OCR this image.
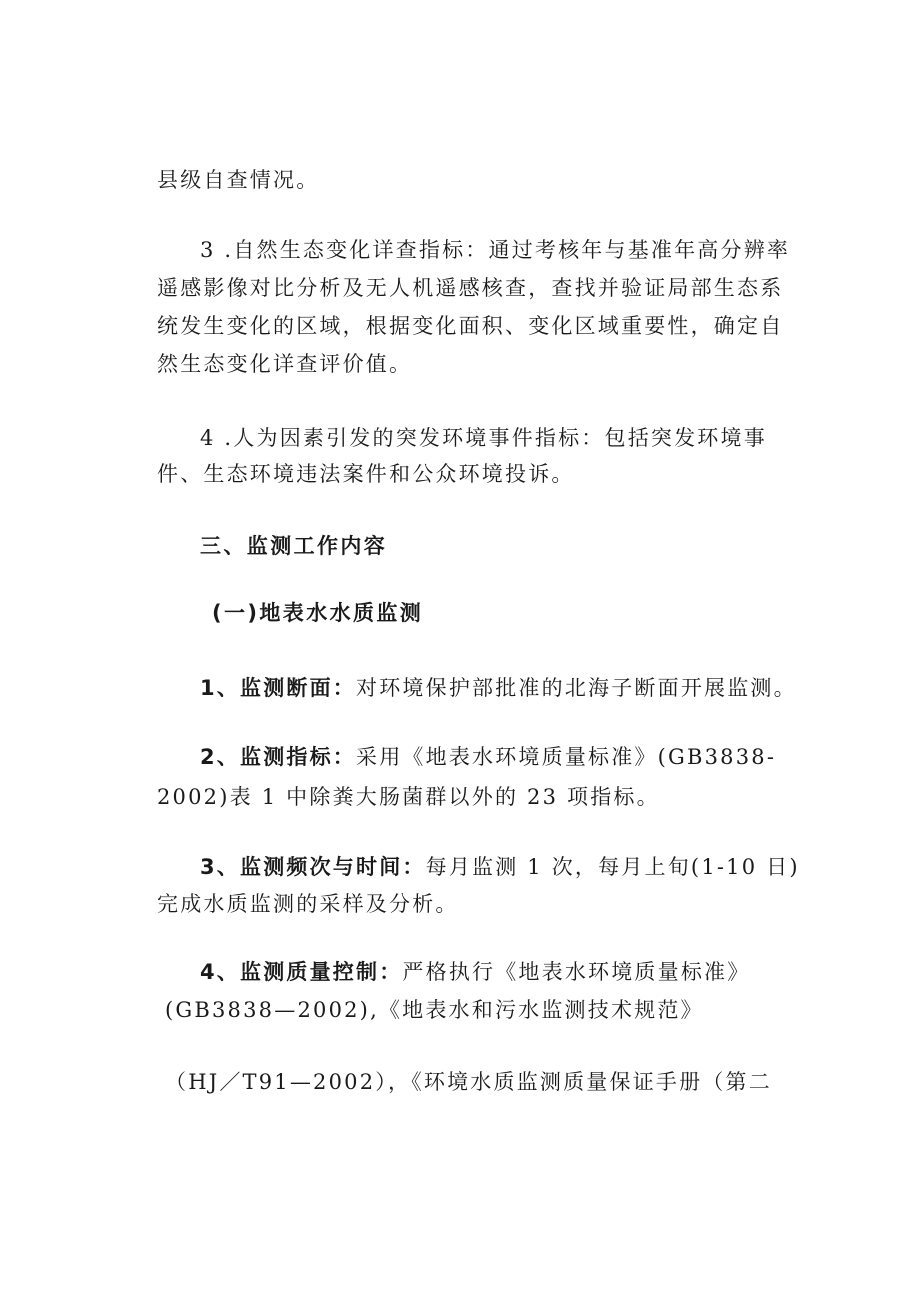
县级自查情况。
3 .自然生态变化详查指标：通过考核年与基准年高分辨率
遥感影像对比分析及无人机遥感核查，查找并验证局部生态系
统发生变化的区域，根据变化面积、变化区域重要性，确定自
然生态变化详查评价值。
4 .人为因素引发的突发环境事件指标：包括突发环境事
件、生态环境违法案件和公众环境投诉。
三、监测工作内容
(一)地表水水质监测
1、监测断面：对环境保护部批准的北海子断面开展监测。
2、监测指标：采用《地表水环境质量标准》(GB3838-
2002)表 1 中除粪大肠菌群以外的 23 项指标。
3、监测频次与时间：每月监测 1 次，每月上旬(1-10 日)
完成水质监测的采样及分析。
4、监测质量控制：严格执行《地表水环境质量标准》
(GB3838—2002),《地表水和污水监测技术规范》
（HJ／T91—2002），《环境水质监测质量保证手册（第二
